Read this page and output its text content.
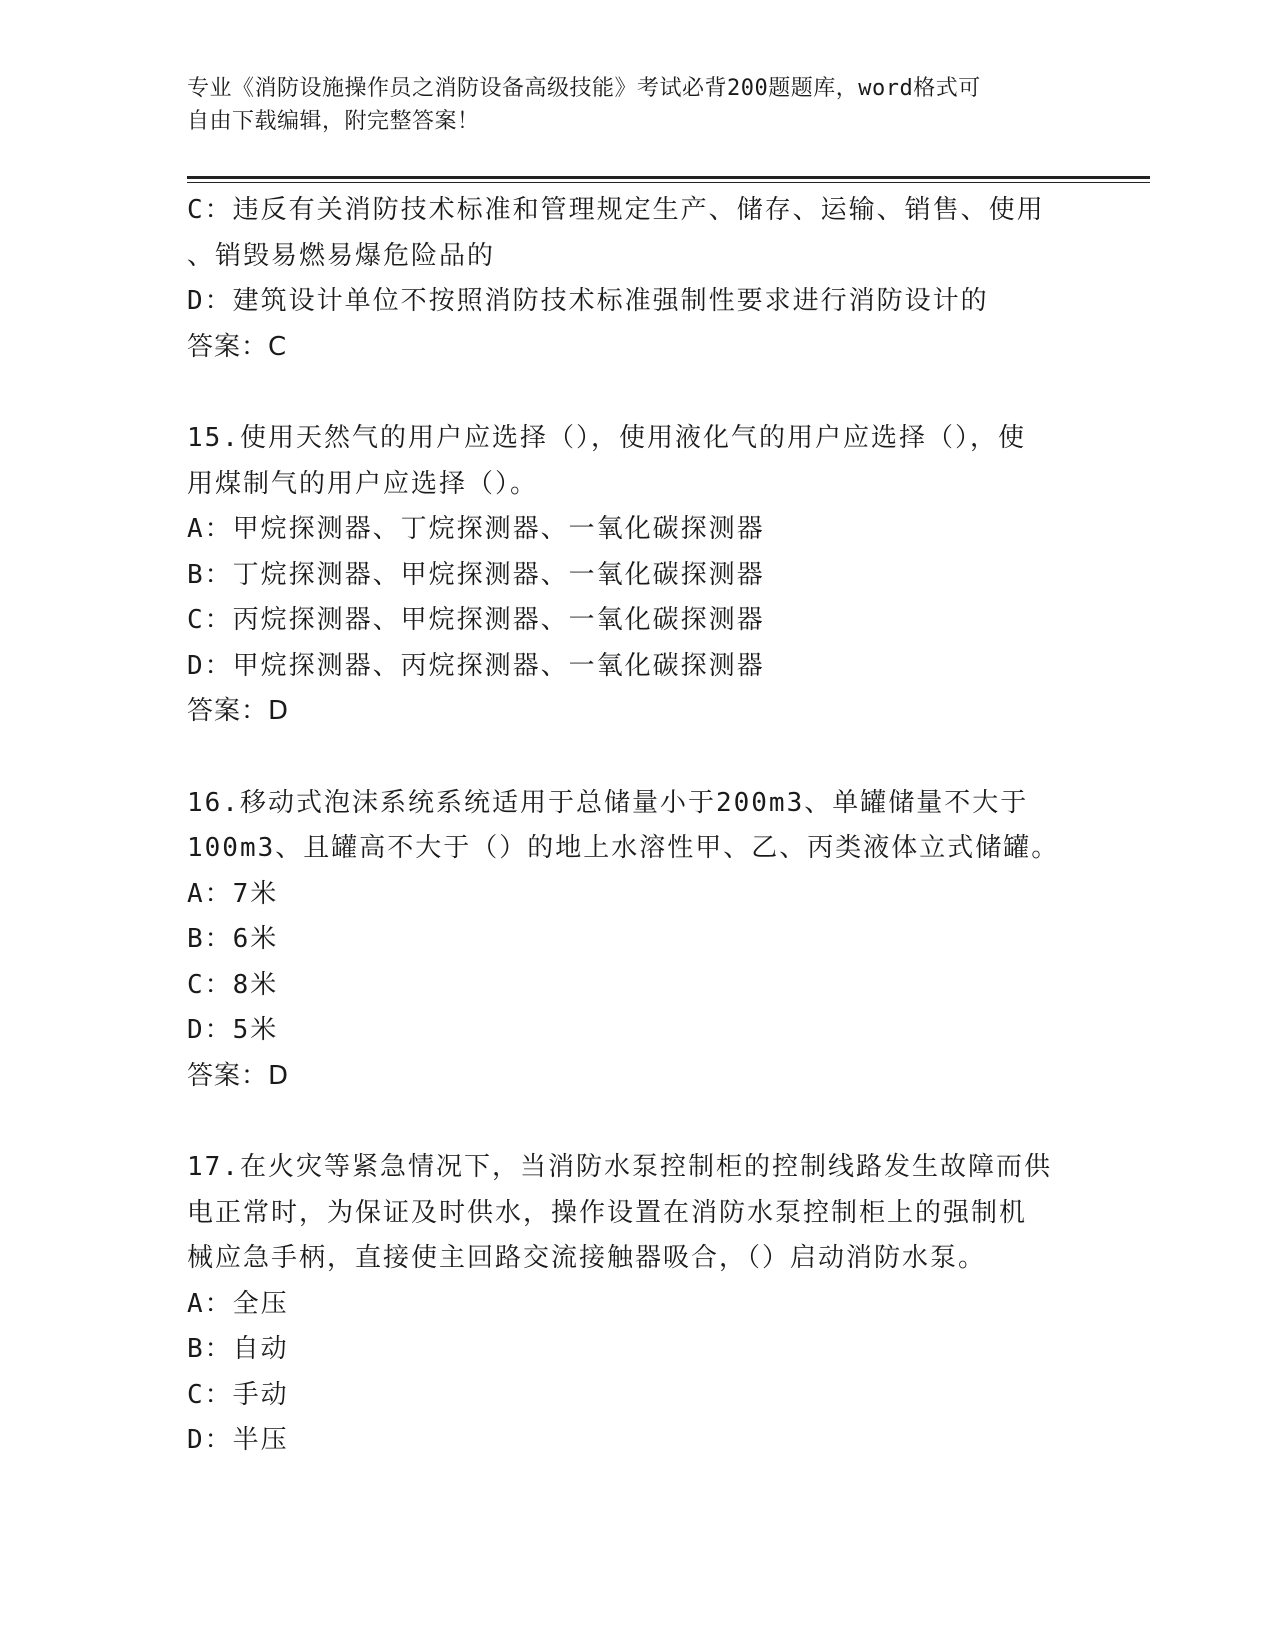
专业《消防设施操作员之消防设备高级技能》考试必背200题题库，word格式可
自由下载编辑，附完整答案！
C：违反有关消防技术标准和管理规定生产、储存、运输、销售、使用
、销毁易燃易爆危险品的
D：建筑设计单位不按照消防技术标准强制性要求进行消防设计的
答案：C
15.使用天然气的用户应选择（），使用液化气的用户应选择（），使
用煤制气的用户应选择（）。
A：甲烷探测器、丁烷探测器、一氧化碳探测器
B：丁烷探测器、甲烷探测器、一氧化碳探测器
C：丙烷探测器、甲烷探测器、一氧化碳探测器
D：甲烷探测器、丙烷探测器、一氧化碳探测器
答案：D
16.移动式泡沫系统系统适用于总储量小于200m3、单罐储量不大于
100m3、且罐高不大于（）的地上水溶性甲、乙、丙类液体立式储罐。
A：7米
B：6米
C：8米
D：5米
答案：D
17.在火灾等紧急情况下，当消防水泵控制柜的控制线路发生故障而供
电正常时，为保证及时供水，操作设置在消防水泵控制柜上的强制机
械应急手柄，直接使主回路交流接触器吸合，（）启动消防水泵。
A：全压
B：自动
C：手动
D：半压
